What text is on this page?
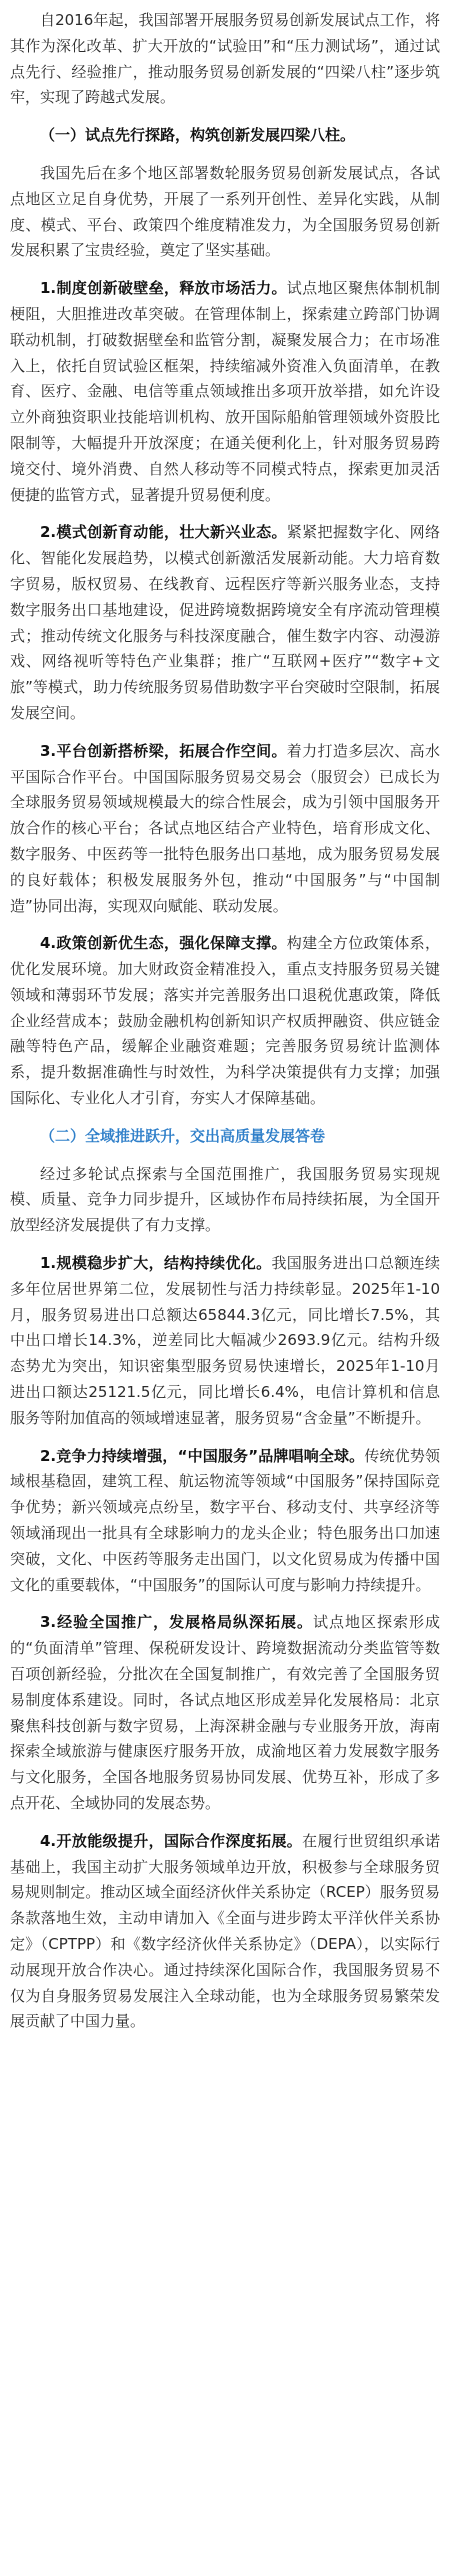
自2016年起，我国部署开展服务贸易创新发展试点工作，将其作为深化改革、扩大开放的“试验田”和“压力测试场”，通过试点先行、经验推广，推动服务贸易创新发展的“四梁八柱”逐步筑牢，实现了跨越式发展。

（一）试点先行探路，构筑创新发展四梁八柱。

我国先后在多个地区部署数轮服务贸易创新发展试点，各试点地区立足自身优势，开展了一系列开创性、差异化实践，从制度、模式、平台、政策四个维度精准发力，为全国服务贸易创新发展积累了宝贵经验，奠定了坚实基础。

1.制度创新破壁垒，释放市场活力。试点地区聚焦体制机制梗阻，大胆推进改革突破。在管理体制上，探索建立跨部门协调联动机制，打破数据壁垒和监管分割，凝聚发展合力；在市场准入上，依托自贸试验区框架，持续缩减外资准入负面清单，在教育、医疗、金融、电信等重点领域推出多项开放举措，如允许设立外商独资职业技能培训机构、放开国际船舶管理领域外资股比限制等，大幅提升开放深度；在通关便利化上，针对服务贸易跨境交付、境外消费、自然人移动等不同模式特点，探索更加灵活便捷的监管方式，显著提升贸易便利度。

2.模式创新育动能，壮大新兴业态。紧紧把握数字化、网络化、智能化发展趋势，以模式创新激活发展新动能。大力培育数字贸易，版权贸易、在线教育、远程医疗等新兴服务业态，支持数字服务出口基地建设，促进跨境数据跨境安全有序流动管理模式；推动传统文化服务与科技深度融合，催生数字内容、动漫游戏、网络视听等特色产业集群；推广“互联网+医疗”“数字+文旅”等模式，助力传统服务贸易借助数字平台突破时空限制，拓展发展空间。

3.平台创新搭桥梁，拓展合作空间。着力打造多层次、高水平国际合作平台。中国国际服务贸易交易会（服贸会）已成长为全球服务贸易领域规模最大的综合性展会，成为引领中国服务开放合作的核心平台；各试点地区结合产业特色，培育形成文化、数字服务、中医药等一批特色服务出口基地，成为服务贸易发展的良好载体；积极发展服务外包，推动“中国服务”与“中国制造”协同出海，实现双向赋能、联动发展。

4.政策创新优生态，强化保障支撑。构建全方位政策体系，优化发展环境。加大财政资金精准投入，重点支持服务贸易关键领域和薄弱环节发展；落实并完善服务出口退税优惠政策，降低企业经营成本；鼓励金融机构创新知识产权质押融资、供应链金融等特色产品，缓解企业融资难题；完善服务贸易统计监测体系，提升数据准确性与时效性，为科学决策提供有力支撑；加强国际化、专业化人才引育，夯实人才保障基础。

（二）全域推进跃升，交出高质量发展答卷

经过多轮试点探索与全国范围推广，我国服务贸易实现规模、质量、竞争力同步提升，区域协作布局持续拓展，为全国开放型经济发展提供了有力支撑。

1.规模稳步扩大，结构持续优化。我国服务进出口总额连续多年位居世界第二位，发展韧性与活力持续彰显。2025年1-10月，服务贸易进出口总额达65844.3亿元，同比增长7.5%，其中出口增长14.3%，逆差同比大幅减少2693.9亿元。结构升级态势尤为突出，知识密集型服务贸易快速增长，2025年1-10月进出口额达25121.5亿元，同比增长6.4%，电信计算机和信息服务等附加值高的领域增速显著，服务贸易“含金量”不断提升。

2.竞争力持续增强，“中国服务”品牌唱响全球。传统优势领域根基稳固，建筑工程、航运物流等领域“中国服务”保持国际竞争优势；新兴领域亮点纷呈，数字平台、移动支付、共享经济等领域涌现出一批具有全球影响力的龙头企业；特色服务出口加速突破，文化、中医药等服务走出国门，以文化贸易成为传播中国文化的重要载体，“中国服务”的国际认可度与影响力持续提升。

3.经验全国推广，发展格局纵深拓展。试点地区探索形成的“负面清单”管理、保税研发设计、跨境数据流动分类监管等数百项创新经验，分批次在全国复制推广，有效完善了全国服务贸易制度体系建设。同时，各试点地区形成差异化发展格局：北京聚焦科技创新与数字贸易，上海深耕金融与专业服务开放，海南探索全域旅游与健康医疗服务开放，成渝地区着力发展数字服务与文化服务，全国各地服务贸易协同发展、优势互补，形成了多点开花、全域协同的发展态势。

4.开放能级提升，国际合作深度拓展。在履行世贸组织承诺基础上，我国主动扩大服务领域单边开放，积极参与全球服务贸易规则制定。推动区域全面经济伙伴关系协定（RCEP）服务贸易条款落地生效，主动申请加入《全面与进步跨太平洋伙伴关系协定》（CPTPP）和《数字经济伙伴关系协定》（DEPA），以实际行动展现开放合作决心。通过持续深化国际合作，我国服务贸易不仅为自身服务贸易发展注入全球动能，也为全球服务贸易繁荣发展贡献了中国力量。
